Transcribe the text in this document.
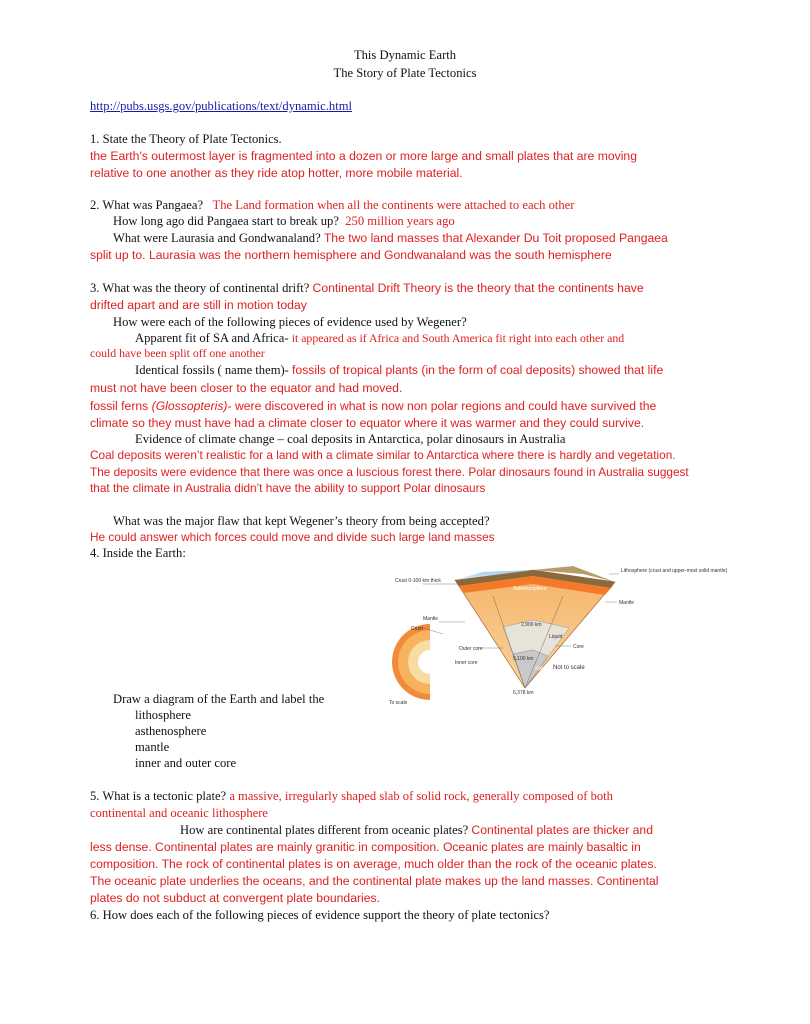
This Dynamic Earth
The Story of Plate Tectonics
http://pubs.usgs.gov/publications/text/dynamic.html
1. State the Theory of Plate Tectonics.
the Earth's outermost layer is fragmented into a dozen or more large and small plates that are moving
relative to one another as they ride atop hotter, more mobile material.
2. What was Pangaea? The Land formation when all the continents were attached to each other
How long ago did Pangaea start to break up? 250 million years ago
What were Laurasia and Gondwanaland? The two land masses that Alexander Du Toit proposed Pangaea
split up to. Laurasia was the northern hemisphere and Gondwanaland was the south hemisphere
3. What was the theory of continental drift? Continental Drift Theory is the theory that the continents have
drifted apart and are still in motion today
How were each of the following pieces of evidence used by Wegener?
Apparent fit of SA and Africa- it appeared as if Africa and South America fit right into each other and
could have been split off one another
Identical fossils ( name them)- fossils of tropical plants (in the form of coal deposits) showed that life
must not have been closer to the equator and had moved.
fossil ferns (Glossopteris)- were discovered in what is now non polar regions and could have survived the
climate so they must have had a climate closer to equator where it was warmer and they could survive.
Evidence of climate change – coal deposits in Antarctica, polar dinosaurs in Australia
Coal deposits weren’t realistic for a land with a climate similar to Antarctica where there is hardly and vegetation.
The deposits were evidence that there was once a luscious forest there. Polar dinosaurs found in Australia suggest
that the climate in Australia didn’t have the ability to support Polar dinosaurs
What was the major flaw that kept Wegener’s theory from being accepted?
He could answer which forces could move and divide such large land masses
4. Inside the Earth:
Crust 0-100 km thick
Lithosphere (crust and upper-most solid mantle)
Asthenosphere
Mantle
Mantle
Crust
2,900 km
Liquid
Outer core	Core
Inner core
5,100 km
Solid Not to scale
6,378 km
To scale
Draw a diagram of the Earth and label the
lithosphere
asthenosphere
mantle
inner and outer core
5. What is a tectonic plate? a massive, irregularly shaped slab of solid rock, generally composed of both
continental and oceanic lithosphere
How are continental plates different from oceanic plates? Continental plates are thicker and
less dense. Continental plates are mainly granitic in composition. Oceanic plates are mainly basaltic in
composition. The rock of continental plates is on average, much older than the rock of the oceanic plates.
The oceanic plate underlies the oceans, and the continental plate makes up the land masses. Continental
plates do not subduct at convergent plate boundaries.
6. How does each of the following pieces of evidence support the theory of plate tectonics?
